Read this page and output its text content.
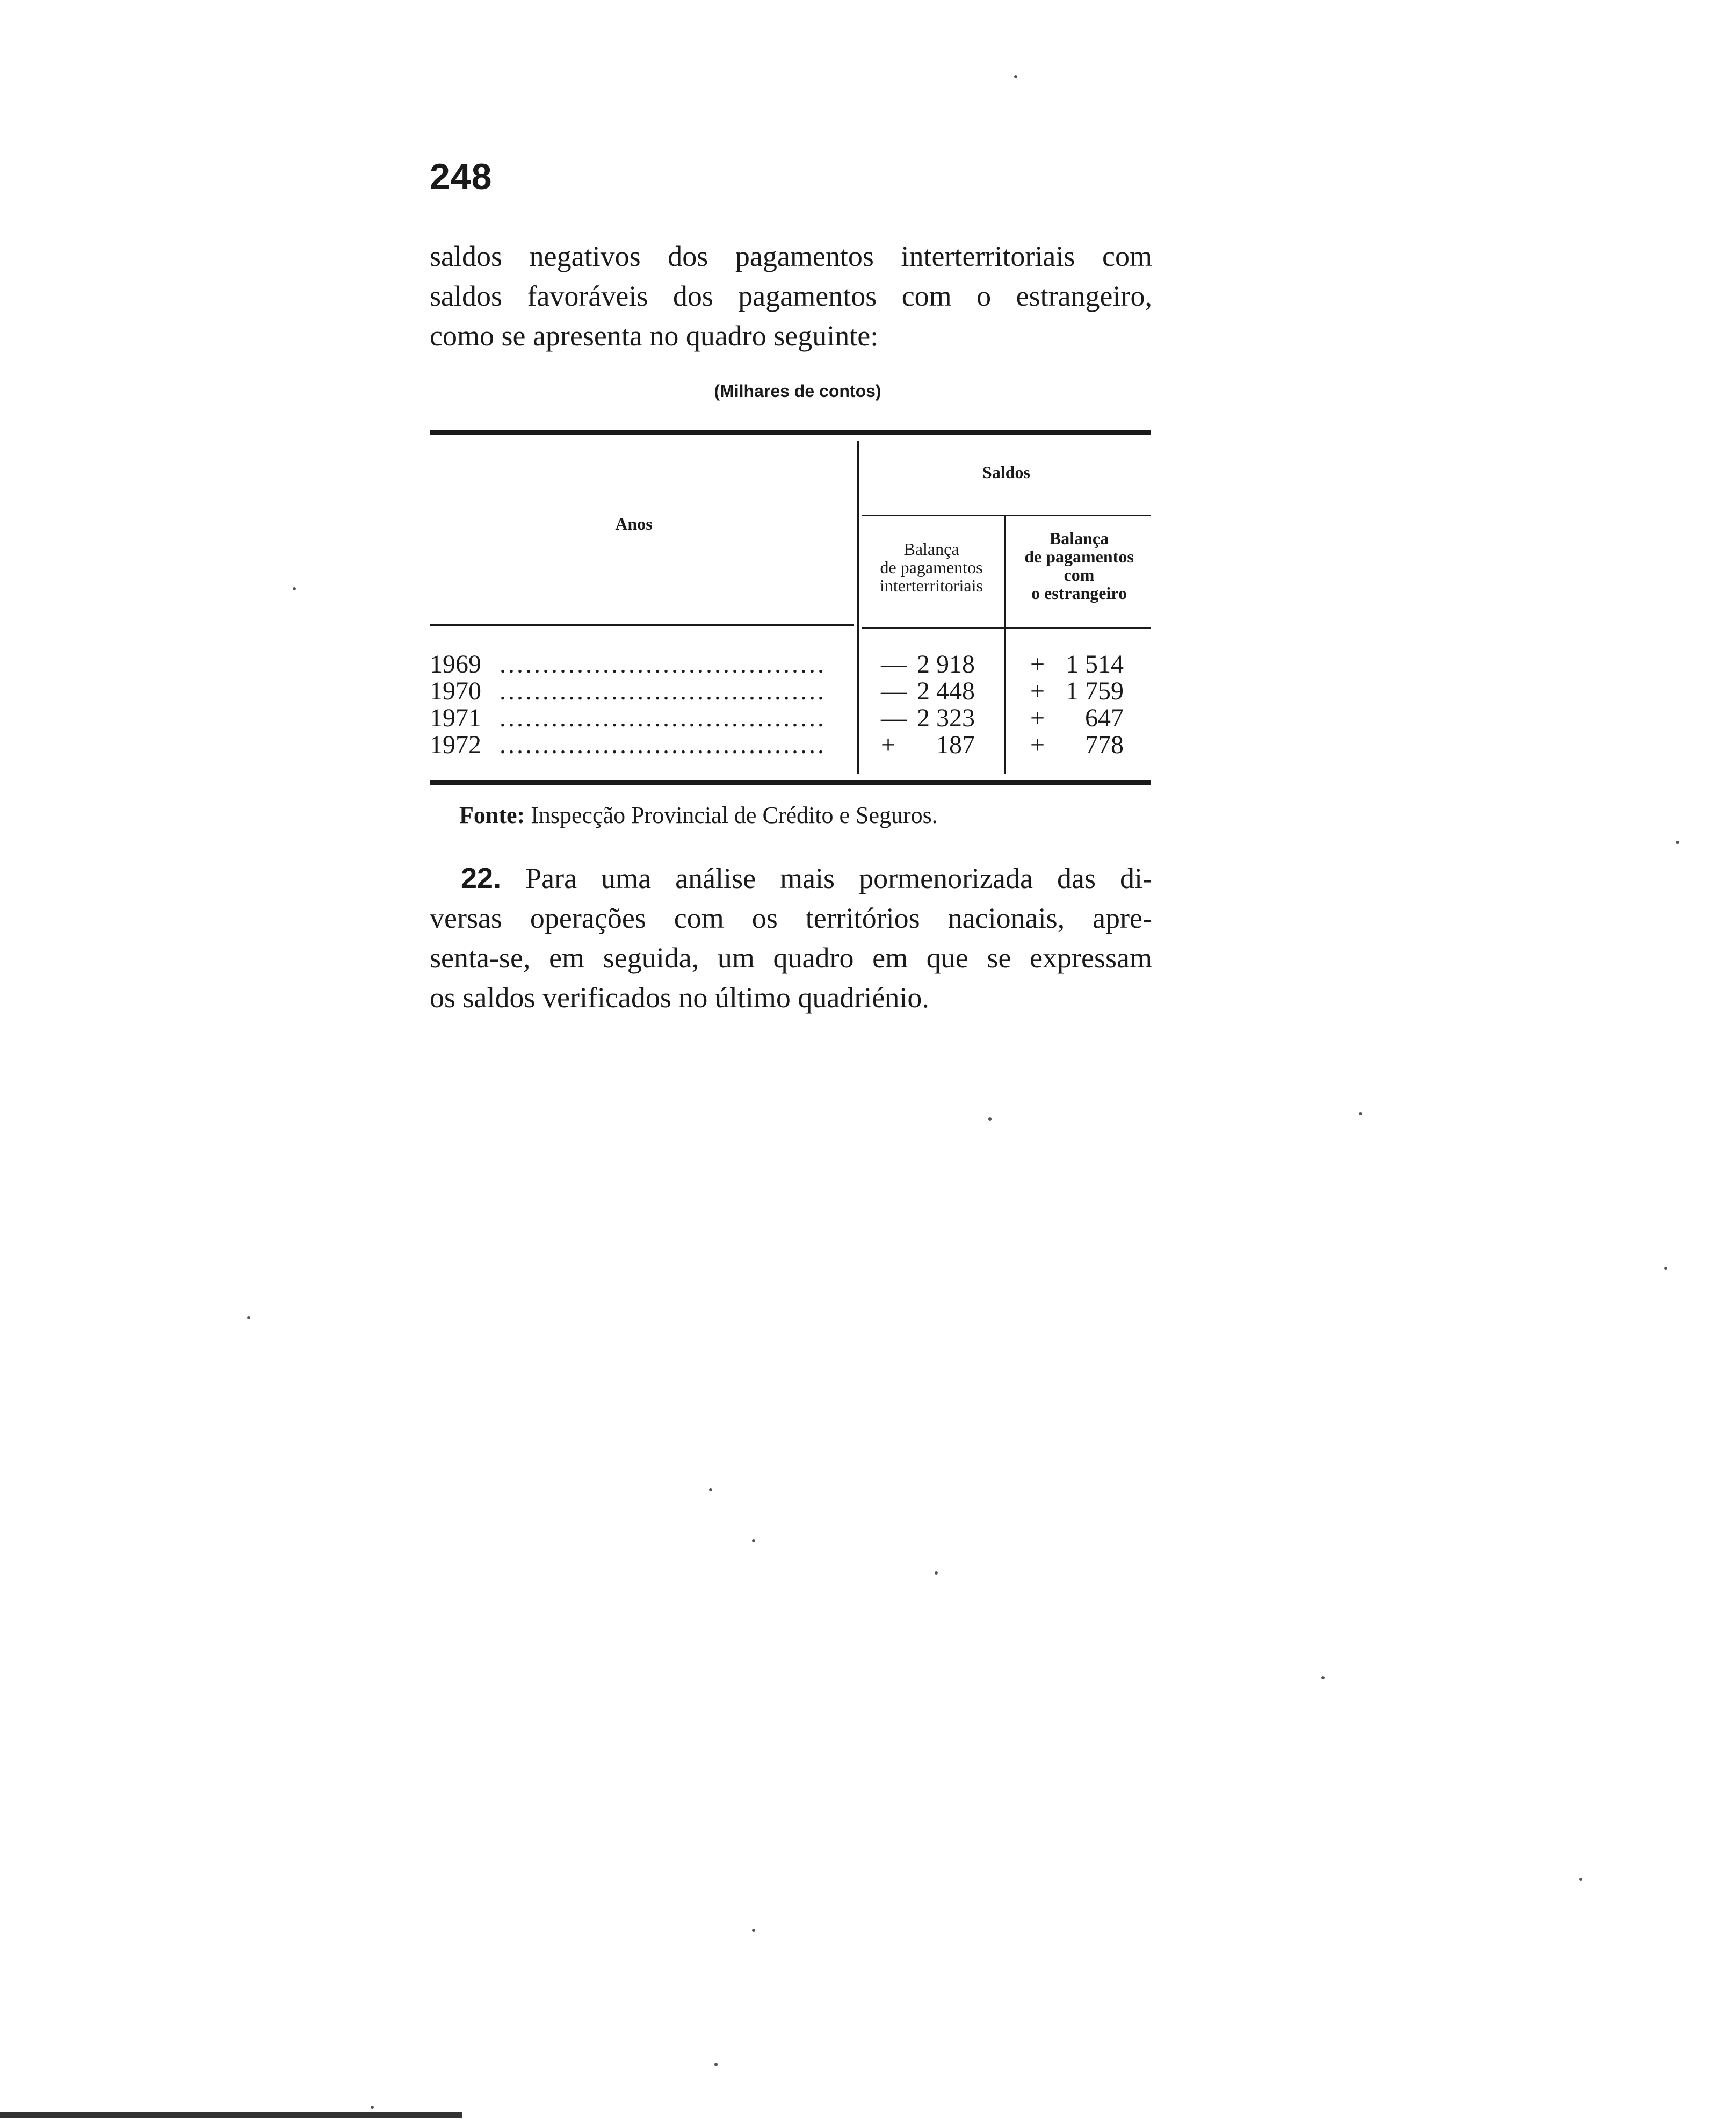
248
saldos negativos dos pagamentos interterritoriais com
saldos favoráveis dos pagamentos com o estrangeiro,
como se apresenta no quadro seguinte:
(Milhares de contos)
Anos
Saldos
Balança
de pagamentos
interterritoriais
Balança
de pagamentos
com
o estrangeiro
1969 ...................................... — 2 918 + 1 514
1970 ...................................... — 2 448 + 1 759
1971 ...................................... — 2 323 +	647
1972 ...................................... +	187 +	778
Fonte: Inspecção Provincial de Crédito e Seguros.
22. Para uma análise mais pormenorizada das di-
versas operações com os territórios nacionais, apre-
senta-se, em seguida, um quadro em que se expressam
os saldos verificados no último quadriénio.
